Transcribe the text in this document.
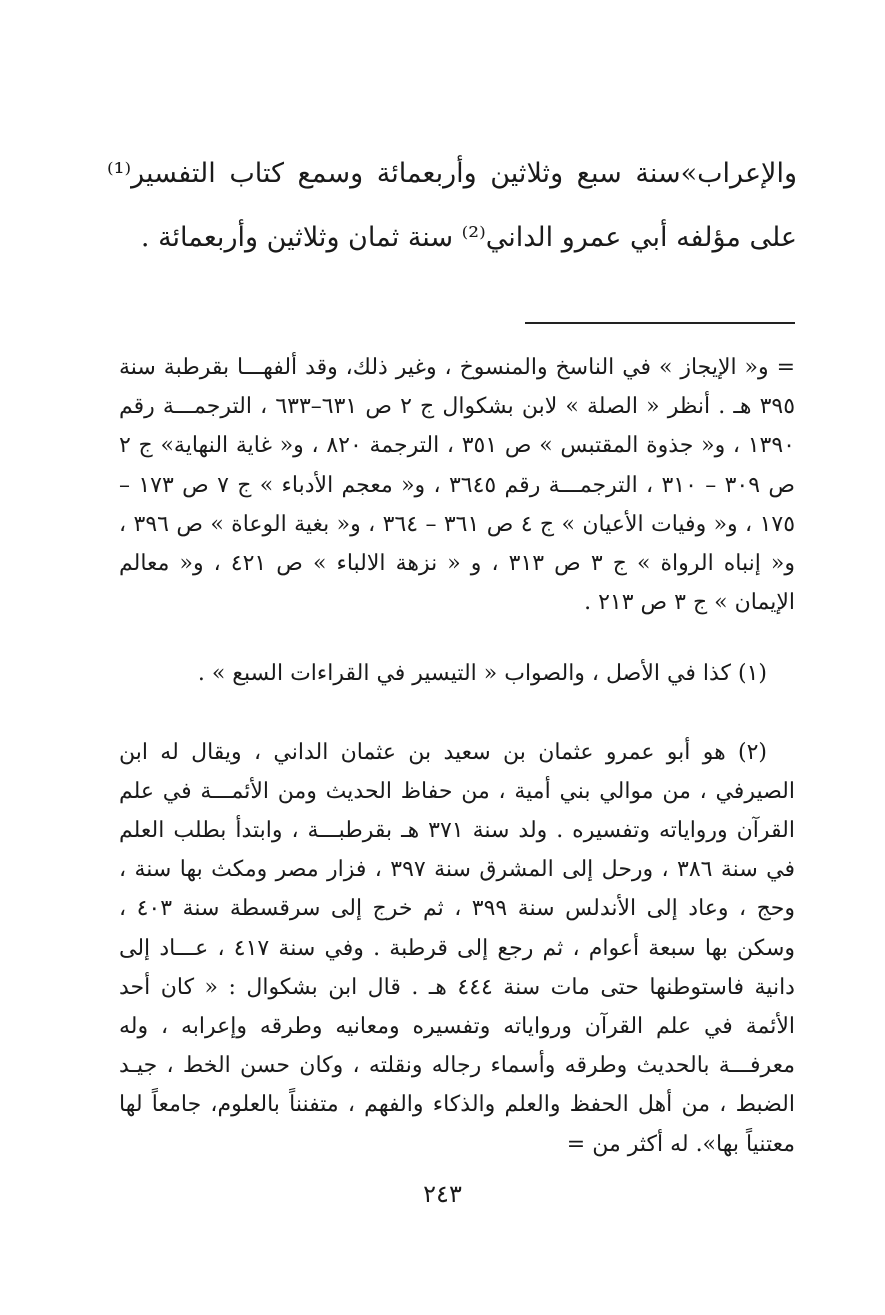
والإعراب»سنة سبع وثلاثين وأربعمائة وسمع كتاب التفسير⁽¹⁾ على مؤلفه أبي عمرو الداني⁽²⁾ سنة ثمان وثلاثين وأربعمائة .

= و« الإيجاز » في الناسخ والمنسوخ ، وغير ذلك، وقد ألفهـــا بقرطبة سنة ٣٩٥ هـ . أنظر « الصلة » لابن بشكوال ج ٢ ص ٦٣١–٦٣٣ ، الترجمـــة رقم ١٣٩٠ ، و« جذوة المقتبس » ص ٣٥١ ، الترجمة ٨٢٠ ، و« غاية النهاية» ج ٢ ص ٣٠٩ – ٣١٠ ، الترجمـــة رقم ٣٦٤٥ ، و« معجم الأدباء » ج ٧ ص ١٧٣ – ١٧٥ ، و« وفيات الأعيان » ج ٤ ص ٣٦١ – ٣٦٤ ، و« بغية الوعاة » ص ٣٩٦ ، و« إنباه الرواة » ج ٣ ص ٣١٣ ، و « نزهة الالباء » ص ٤٢١ ، و« معالم الإيمان » ج ٣ ص ٢١٣ .

(١) كذا في الأصل ، والصواب « التيسير في القراءات السبع » .

(٢) هو أبو عمرو عثمان بن سعيد بن عثمان الداني ، ويقال له ابن الصيرفي ، من موالي بني أمية ، من حفاظ الحديث ومن الأئمـــة في علم القرآن ورواياته وتفسيره . ولد سنة ٣٧١ هـ بقرطبـــة ، وابتدأ بطلب العلم في سنة ٣٨٦ ، ورحل إلى المشرق سنة ٣٩٧ ، فزار مصر ومكث بها سنة ، وحج ، وعاد إلى الأندلس سنة ٣٩٩ ، ثم خرج إلى سرقسطة سنة ٤٠٣ ، وسكن بها سبعة أعوام ، ثم رجع إلى قرطبة . وفي سنة ٤١٧ ، عـــاد إلى دانية فاستوطنها حتى مات سنة ٤٤٤ هـ . قال ابن بشكوال : « كان أحد الأئمة في علم القرآن ورواياته وتفسيره ومعانيه وطرقه وإعرابه ، وله معرفـــة بالحديث وطرقه وأسماء رجاله ونقلته ، وكان حسن الخط ، جيـد الضبط ، من أهل الحفظ والعلم والذكاء والفهم ، متفنناً بالعلوم، جامعاً لها معتنياً بها». له أكثر من =

٢٤٣
